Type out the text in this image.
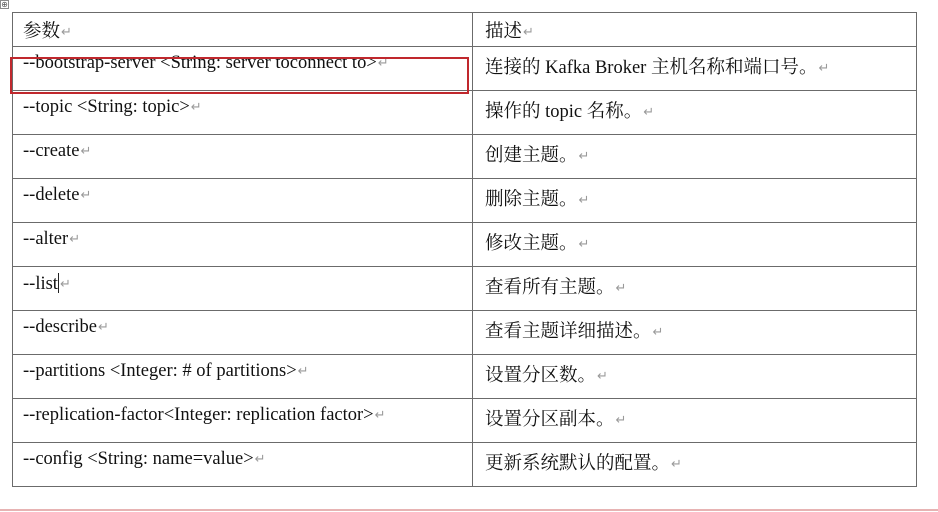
⊕
参数↵	描述↵
--bootstrap-server <String: server toconnect to>↵	连接的 Kafka Broker 主机名称和端口号。↵
--topic <String: topic>↵	操作的 topic 名称。↵
--create↵	创建主题。↵
--delete↵	删除主题。↵
--alter↵	修改主题。↵
--list ↵	查看所有主题。↵
--describe↵	查看主题详细描述。↵
--partitions <Integer: # of partitions>↵	设置分区数。↵
--replication-factor<Integer: replication factor>↵	设置分区副本。↵
--config <String: name=value>↵	更新系统默认的配置。↵
